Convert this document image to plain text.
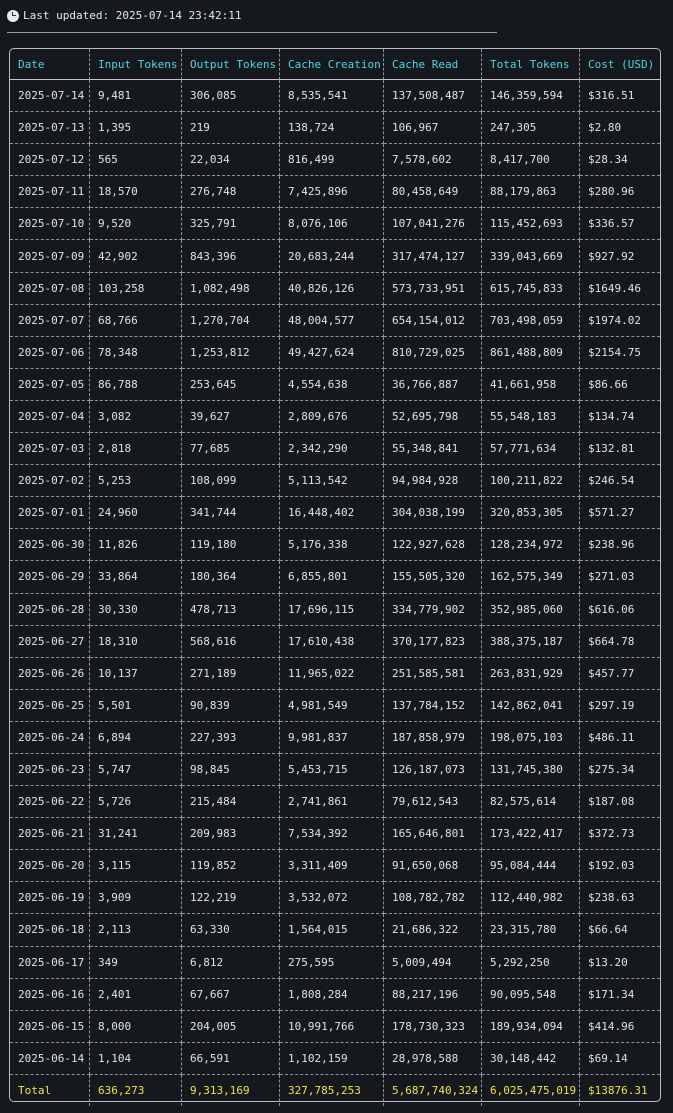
Last updated: 2025-07-14 23:42:11
Date	Input Tokens	Output Tokens	Cache Creation	Cache Read	Total Tokens	Cost (USD)
2025-07-14	9,481	306,085	8,535,541	137,508,487	146,359,594	$316.51
2025-07-13	1,395	219	138,724	106,967	247,305	$2.80
2025-07-12	565	22,034	816,499	7,578,602	8,417,700	$28.34
2025-07-11	18,570	276,748	7,425,896	80,458,649	88,179,863	$280.96
2025-07-10	9,520	325,791	8,076,106	107,041,276	115,452,693	$336.57
2025-07-09	42,902	843,396	20,683,244	317,474,127	339,043,669	$927.92
2025-07-08	103,258	1,082,498	40,826,126	573,733,951	615,745,833	$1649.46
2025-07-07	68,766	1,270,704	48,004,577	654,154,012	703,498,059	$1974.02
2025-07-06	78,348	1,253,812	49,427,624	810,729,025	861,488,809	$2154.75
2025-07-05	86,788	253,645	4,554,638	36,766,887	41,661,958	$86.66
2025-07-04	3,082	39,627	2,809,676	52,695,798	55,548,183	$134.74
2025-07-03	2,818	77,685	2,342,290	55,348,841	57,771,634	$132.81
2025-07-02	5,253	108,099	5,113,542	94,984,928	100,211,822	$246.54
2025-07-01	24,960	341,744	16,448,402	304,038,199	320,853,305	$571.27
2025-06-30	11,826	119,180	5,176,338	122,927,628	128,234,972	$238.96
2025-06-29	33,864	180,364	6,855,801	155,505,320	162,575,349	$271.03
2025-06-28	30,330	478,713	17,696,115	334,779,902	352,985,060	$616.06
2025-06-27	18,310	568,616	17,610,438	370,177,823	388,375,187	$664.78
2025-06-26	10,137	271,189	11,965,022	251,585,581	263,831,929	$457.77
2025-06-25	5,501	90,839	4,981,549	137,784,152	142,862,041	$297.19
2025-06-24	6,894	227,393	9,981,837	187,858,979	198,075,103	$486.11
2025-06-23	5,747	98,845	5,453,715	126,187,073	131,745,380	$275.34
2025-06-22	5,726	215,484	2,741,861	79,612,543	82,575,614	$187.08
2025-06-21	31,241	209,983	7,534,392	165,646,801	173,422,417	$372.73
2025-06-20	3,115	119,852	3,311,409	91,650,068	95,084,444	$192.03
2025-06-19	3,909	122,219	3,532,072	108,782,782	112,440,982	$238.63
2025-06-18	2,113	63,330	1,564,015	21,686,322	23,315,780	$66.64
2025-06-17	349	6,812	275,595	5,009,494	5,292,250	$13.20
2025-06-16	2,401	67,667	1,808,284	88,217,196	90,095,548	$171.34
2025-06-15	8,000	204,005	10,991,766	178,730,323	189,934,094	$414.96
2025-06-14	1,104	66,591	1,102,159	28,978,588	30,148,442	$69.14
Total	636,273	9,313,169	327,785,253	5,687,740,324	6,025,475,019	$13876.31
